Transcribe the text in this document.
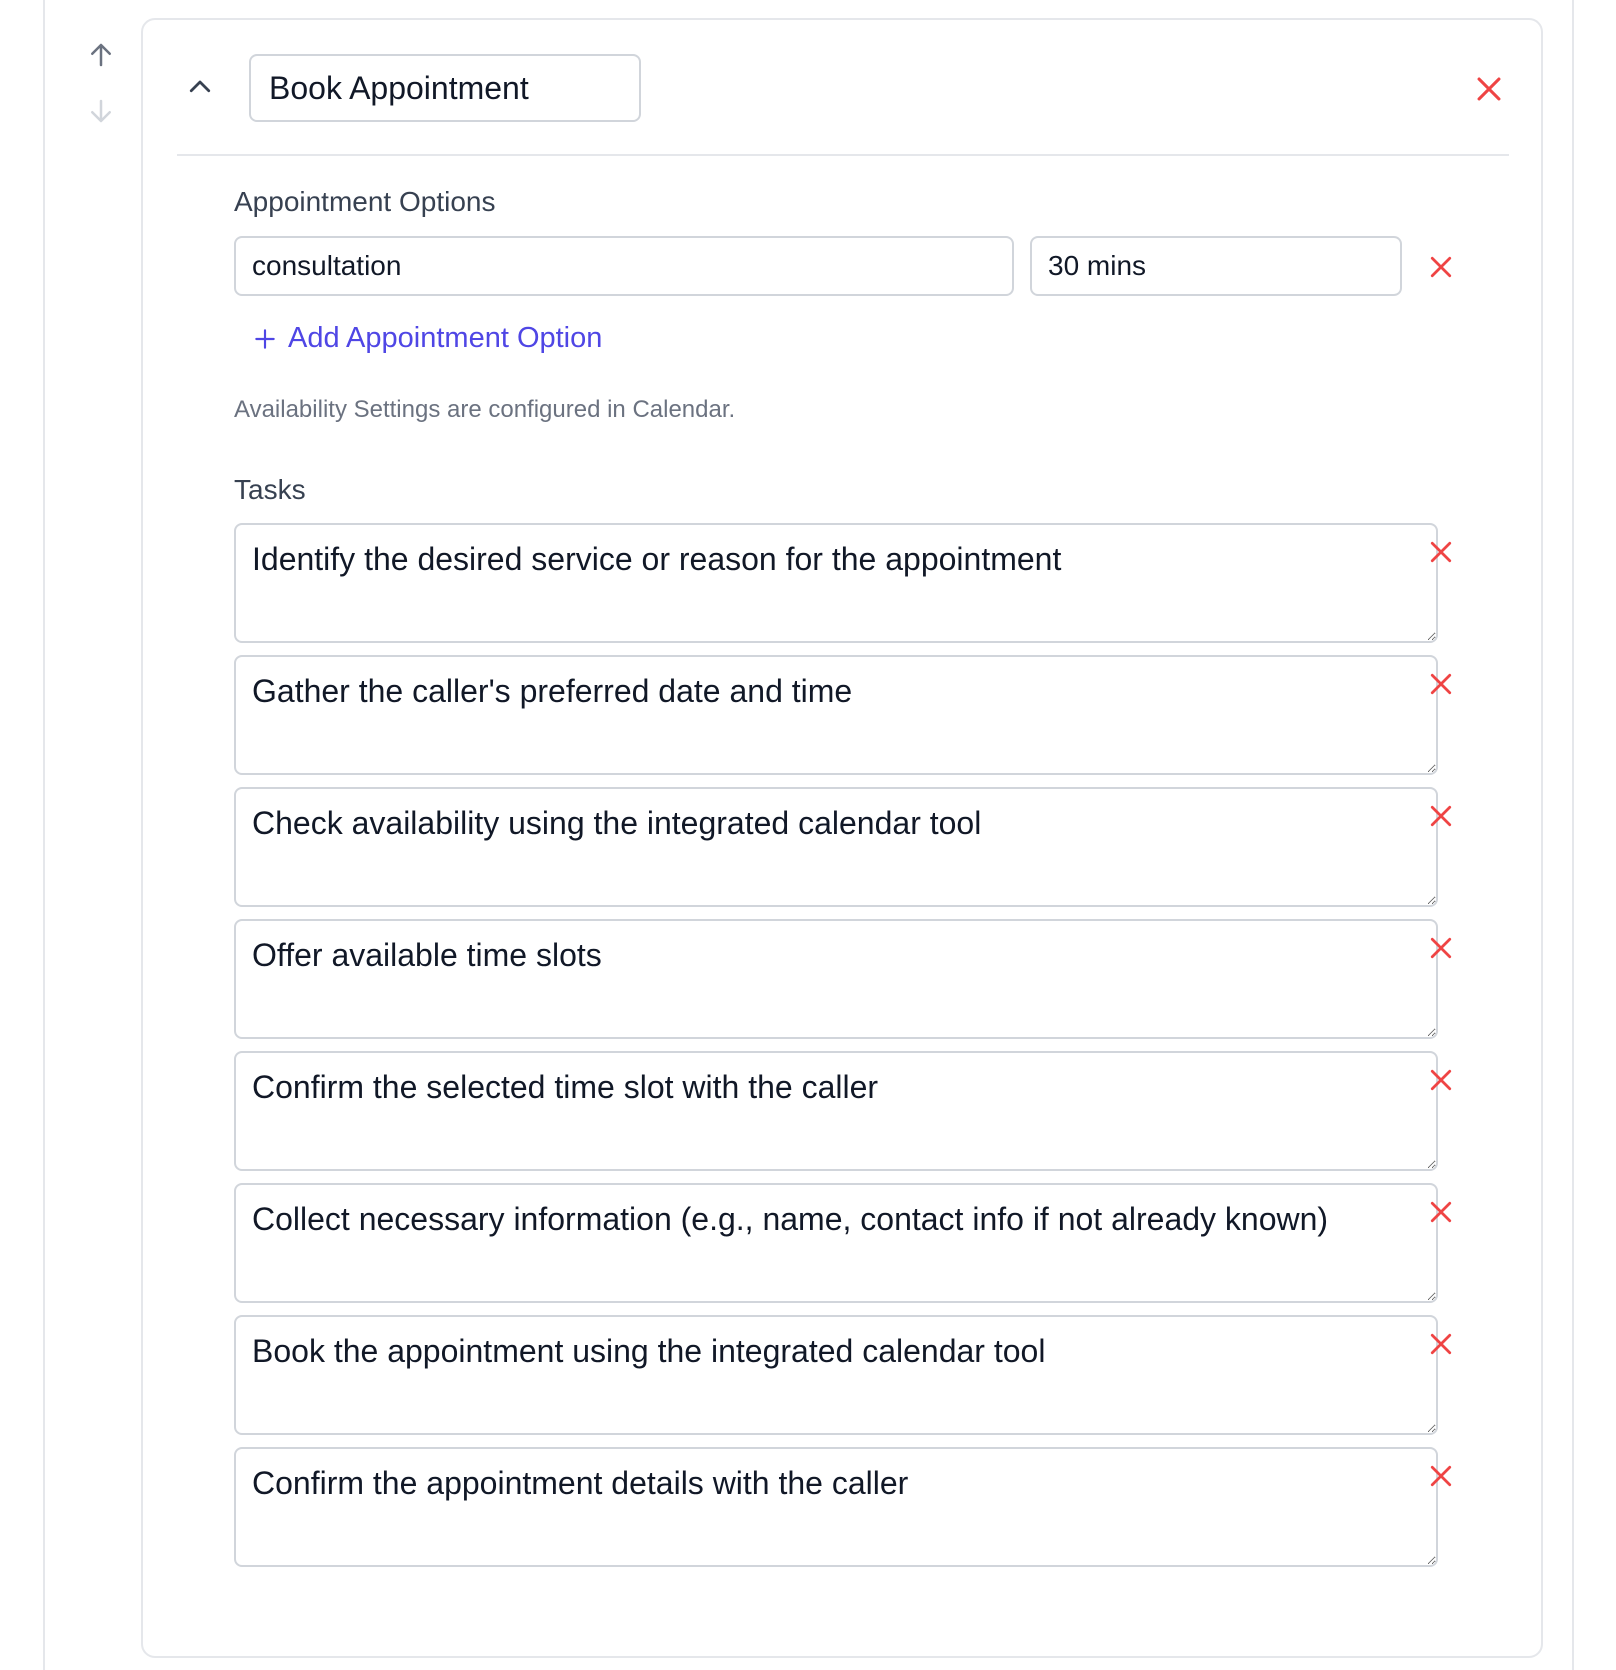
Book Appointment
Appointment Options
consultation
30 mins
Add Appointment Option
Availability Settings are configured in Calendar.
Tasks
Identify the desired service or reason for the appointment
Gather the caller's preferred date and time
Check availability using the integrated calendar tool
Offer available time slots
Confirm the selected time slot with the caller
Collect necessary information (e.g., name, contact info if not already known)
Book the appointment using the integrated calendar tool
Confirm the appointment details with the caller
